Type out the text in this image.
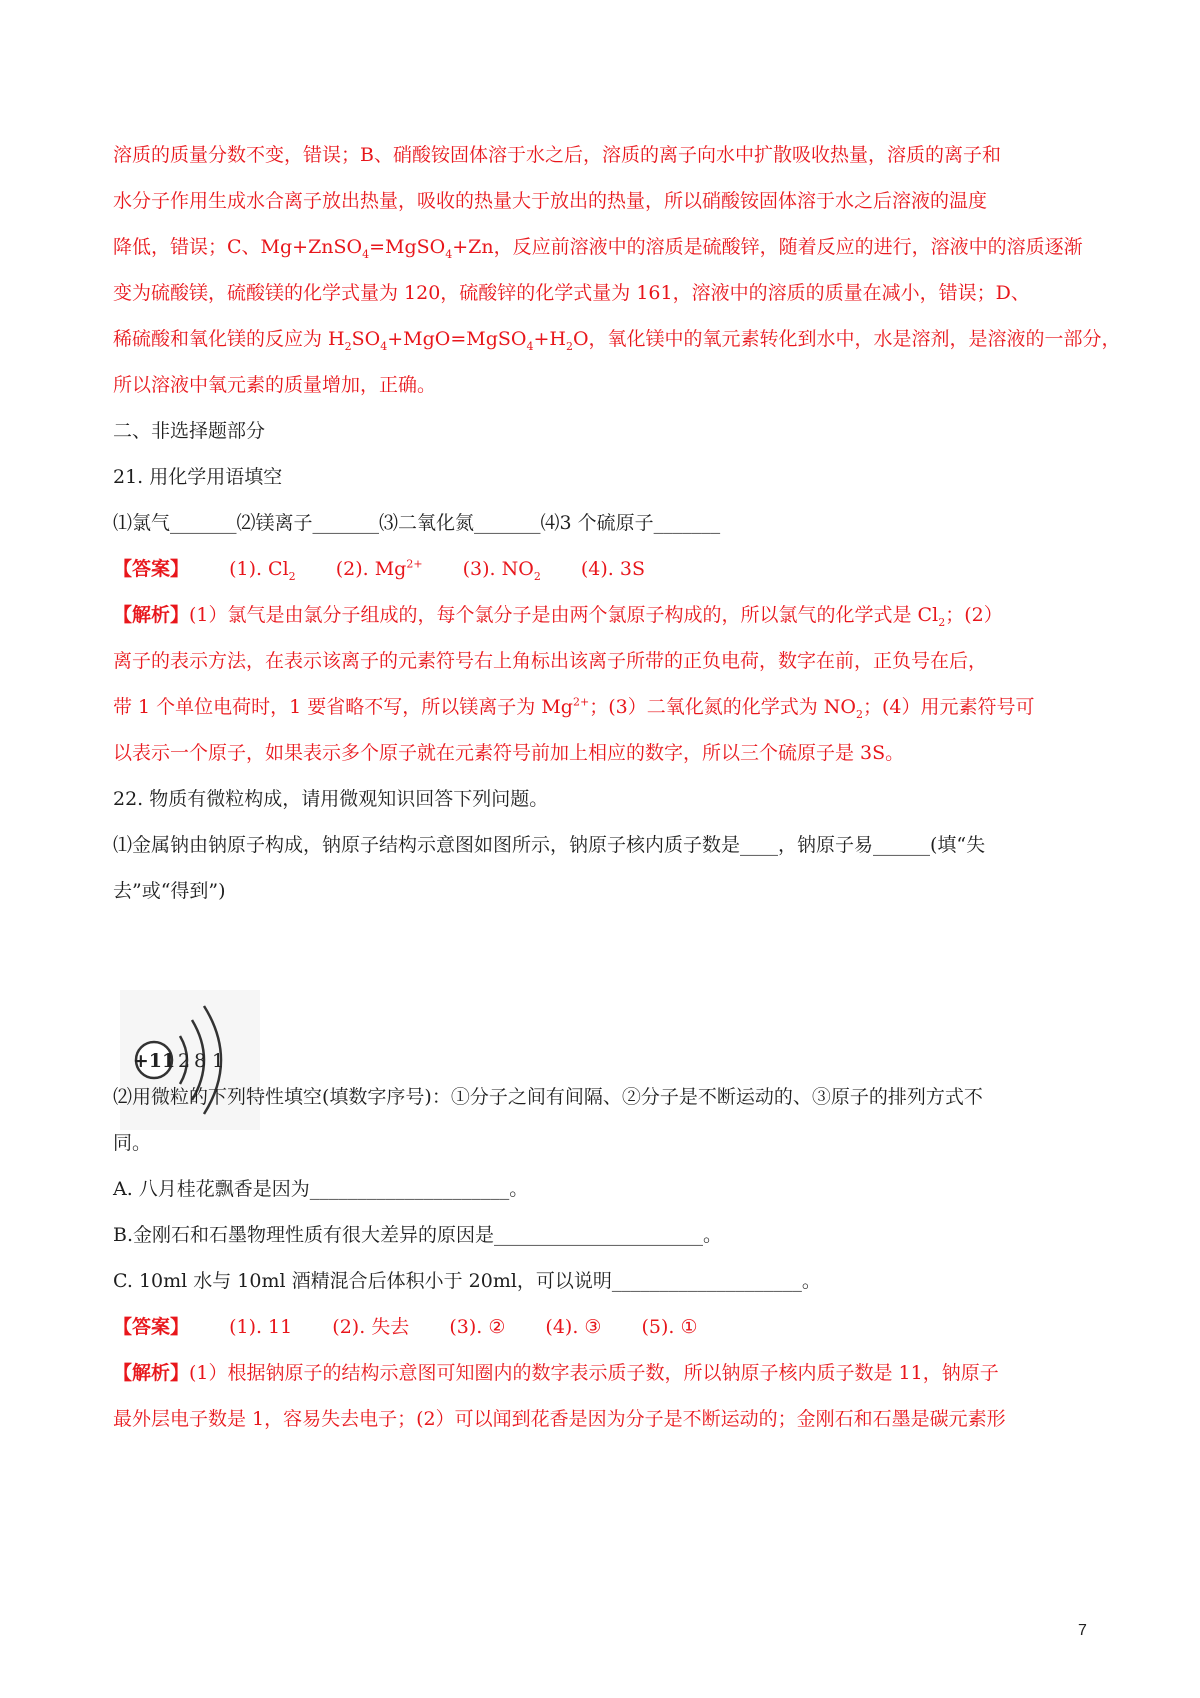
溶质的质量分数不变，错误；B、硝酸铵固体溶于水之后，溶质的离子向水中扩散吸收热量，溶质的离子和
水分子作用生成水合离子放出热量，吸收的热量大于放出的热量，所以硝酸铵固体溶于水之后溶液的温度
降低，错误；C、Mg+ZnSO$_4$=MgSO$_4$+Zn，反应前溶液中的溶质是硫酸锌，随着反应的进行，溶液中的溶质逐渐
变为硫酸镁，硫酸镁的化学式量为 120，硫酸锌的化学式量为 161，溶液中的溶质的质量在减小，错误；D、
稀硫酸和氧化镁的反应为 $H_2SO_4+MgO=MgSO_4+H_2O$，氧化镁中的氧元素转化到水中，水是溶剂，是溶液的一部分，
所以溶液中氧元素的质量增加，正确。
二、非选择题部分
21. 用化学用语填空
⑴氯气_______⑵镁离子_______⑶二氧化氮_______⑷3 个硫原子_______
【答案】 (1). $Cl_2$ (2). $Mg^{2+}$ (3). $NO_2$ (4). 3S
【解析】(1）氯气是由氯分子组成的，每个氯分子是由两个氯原子构成的，所以氯气的化学式是 $Cl_2$；(2）
离子的表示方法，在表示该离子的元素符号右上角标出该离子所带的正负电荷，数字在前，正负号在后，
带 1 个单位电荷时，1 要省略不写，所以镁离子为 $Mg^{2+}$；(3）二氧化氮的化学式为 $NO_2$；(4）用元素符号可
以表示一个原子，如果表示多个原子就在元素符号前加上相应的数字，所以三个硫原子是 3S。
22. 物质有微粒构成，请用微观知识回答下列问题。
⑴金属钠由钠原子构成，钠原子结构示意图如图所示，钠原子核内质子数是____，钠原子易______(填“失
去”或“得到”)
+11 2 8 1
⑵用微粒的下列特性填空(填数字序号)：①分子之间有间隔、②分子是不断运动的、③原子的排列方式不
同。
A. 八月桂花飘香是因为_____________________。
B.金刚石和石墨物理性质有很大差异的原因是______________________。
C. 10ml 水与 10ml 酒精混合后体积小于 20ml，可以说明____________________。
【答案】 (1). 11 (2). 失去 (3). ② (4). ③ (5). ①
【解析】(1）根据钠原子的结构示意图可知圈内的数字表示质子数，所以钠原子核内质子数是 11，钠原子
最外层电子数是 1，容易失去电子；(2）可以闻到花香是因为分子是不断运动的；金刚石和石墨是碳元素形
7
